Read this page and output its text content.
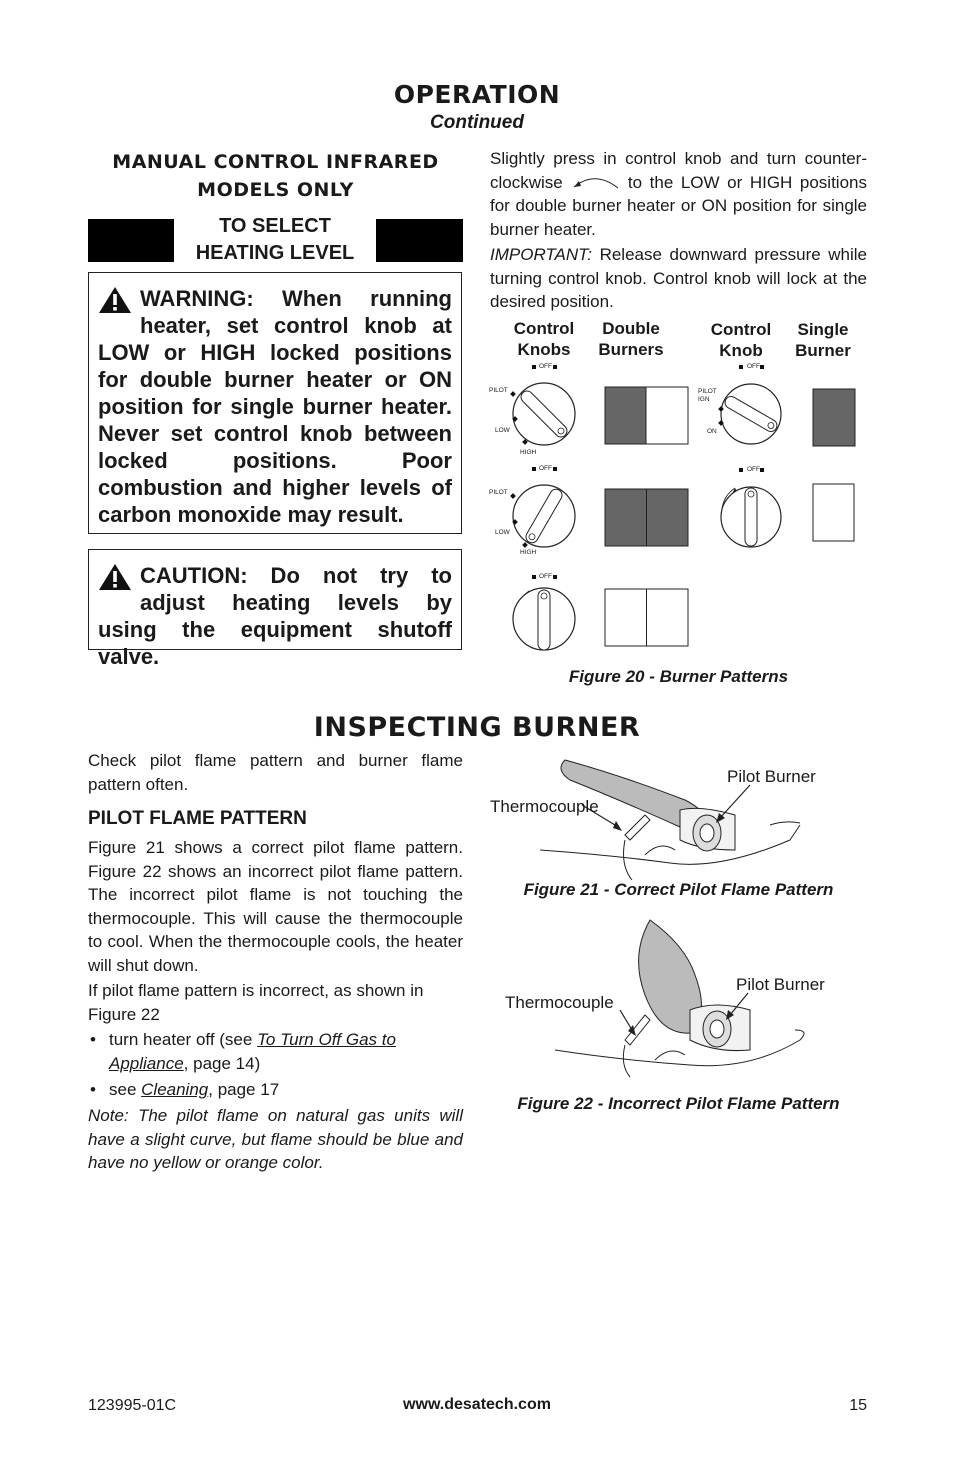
OPERATION
Continued
MANUAL CONTROL INFRARED
MODELS ONLY
TO SELECT
HEATING LEVEL
WARNING: When running heater, set control knob at LOW or HIGH locked positions for double burner heater or ON position for single burner heater. Never set control knob between locked positions. Poor combustion and higher levels of carbon monoxide may result.
CAUTION: Do not try to adjust heating levels by using the equipment shutoff valve.
Slightly press in control knob and turn counter-clockwise	to the LOW or HIGH positions for double burner heater or ON position for single burner heater.
IMPORTANT: Release downward pressure while turning control knob. Control knob will lock at the desired position.
Control Knobs
Double Burners
Control Knob
Single Burner
OFF
PILOT
LOW
HIGH
OFF
PILOT
LOW
HIGH
OFF
OFF
PILOT IGN
ON
OFF
Figure 20 - Burner Patterns
INSPECTING BURNER
Check pilot flame pattern and burner flame pattern often.
PILOT FLAME PATTERN
Figure 21 shows a correct pilot flame pattern. Figure 22 shows an incorrect pilot flame pattern. The incorrect pilot flame is not touching the thermocouple. This will cause the thermocouple to cool. When the thermocouple cools, the heater will shut down.
If pilot flame pattern is incorrect, as shown in Figure 22
• turn heater off (see To Turn Off Gas to Appliance, page 14)
• see Cleaning, page 17
Note: The pilot flame on natural gas units will have a slight curve, but flame should be blue and have no yellow or orange color.
Pilot Burner
Thermocouple
Figure 21 - Correct Pilot Flame Pattern
Pilot Burner
Thermocouple
Figure 22 - Incorrect Pilot Flame Pattern
123995-01C	www.desatech.com	15
